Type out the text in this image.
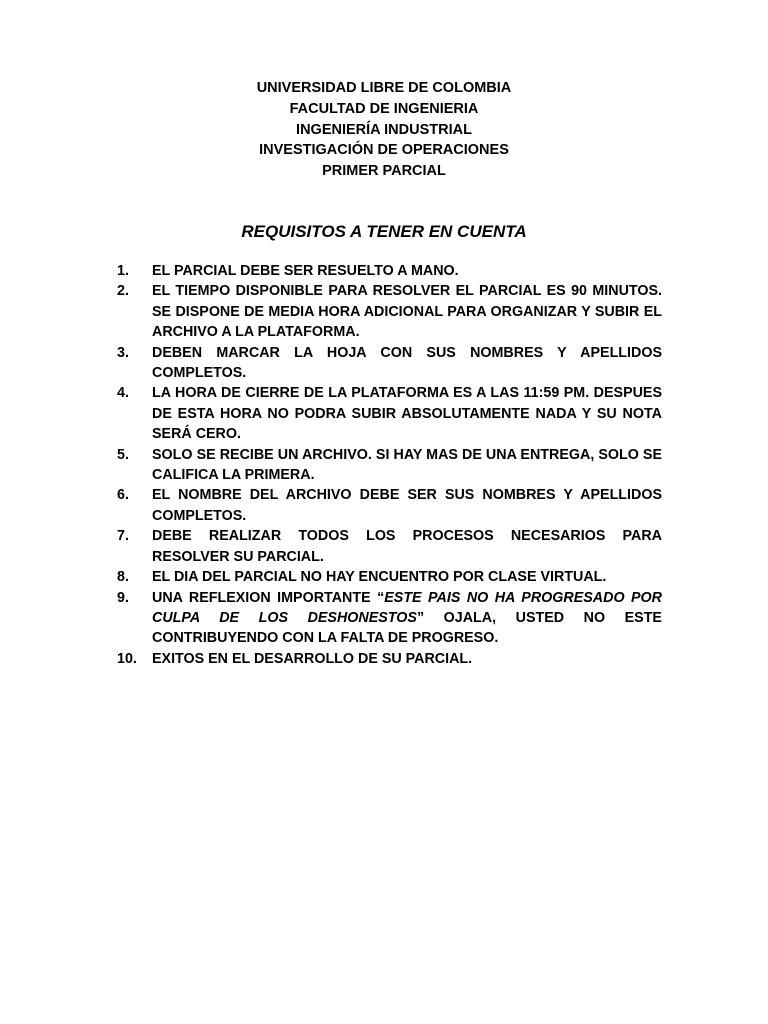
UNIVERSIDAD LIBRE DE COLOMBIA
FACULTAD DE INGENIERIA
INGENIERÍA INDUSTRIAL
INVESTIGACIÓN DE OPERACIONES
PRIMER PARCIAL
REQUISITOS A TENER EN CUENTA
1.	EL PARCIAL DEBE SER RESUELTO A MANO.
2.	EL TIEMPO DISPONIBLE PARA RESOLVER EL PARCIAL ES 90 MINUTOS. SE DISPONE DE MEDIA HORA ADICIONAL PARA ORGANIZAR Y SUBIR EL ARCHIVO A LA PLATAFORMA.
3.	DEBEN MARCAR LA HOJA CON SUS NOMBRES Y APELLIDOS COMPLETOS.
4.	LA HORA DE CIERRE DE LA PLATAFORMA ES A LAS 11:59 PM. DESPUES DE ESTA HORA NO PODRA SUBIR ABSOLUTAMENTE NADA Y SU NOTA SERÁ CERO.
5.	SOLO SE RECIBE UN ARCHIVO. SI HAY MAS DE UNA ENTREGA, SOLO SE CALIFICA LA PRIMERA.
6.	EL NOMBRE DEL ARCHIVO DEBE SER SUS NOMBRES Y APELLIDOS COMPLETOS.
7.	DEBE REALIZAR TODOS LOS PROCESOS NECESARIOS PARA RESOLVER SU PARCIAL.
8.	EL DIA DEL PARCIAL NO HAY ENCUENTRO POR CLASE VIRTUAL.
9.	UNA REFLEXION IMPORTANTE “ESTE PAIS NO HA PROGRESADO POR CULPA DE LOS DESHONESTOS” OJALA, USTED NO ESTE CONTRIBUYENDO CON LA FALTA DE PROGRESO.
10.	EXITOS EN EL DESARROLLO DE SU PARCIAL.
